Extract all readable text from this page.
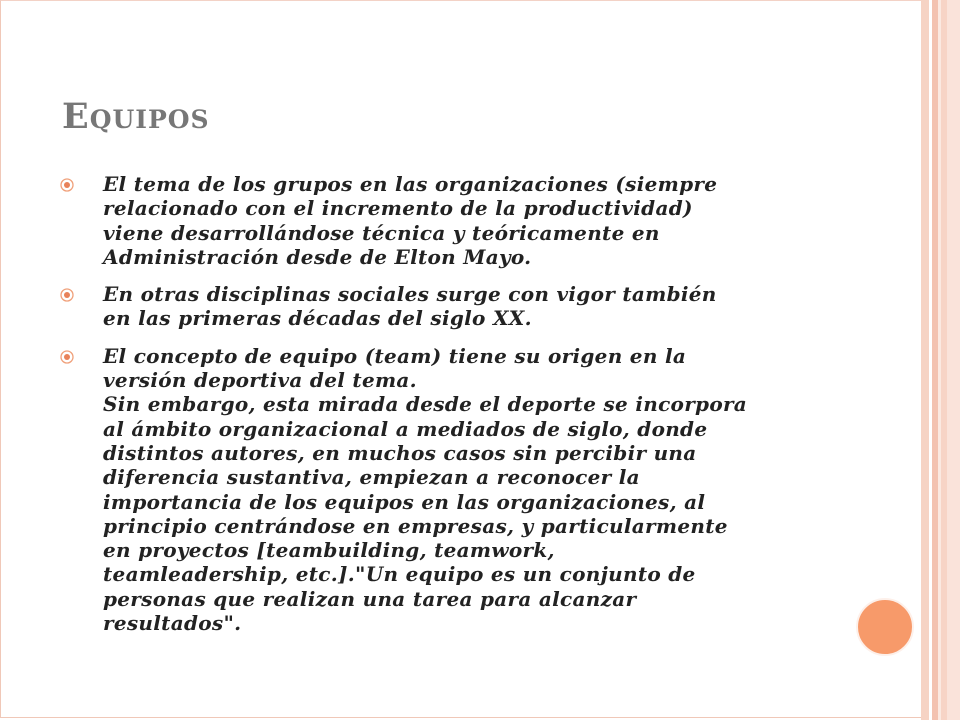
EQUIPOS
El tema de los grupos en las organizaciones (siempre
relacionado con el incremento de la productividad)
viene desarrollándose técnica y teóricamente en
Administración desde de Elton Mayo.
En otras disciplinas sociales surge con vigor también
en las primeras décadas del siglo XX.
El concepto de equipo (team) tiene su origen en la
versión deportiva del tema.
Sin embargo, esta mirada desde el deporte se incorpora
al ámbito organizacional a mediados de siglo, donde
distintos autores, en muchos casos sin percibir una
diferencia sustantiva, empiezan a reconocer la
importancia de los equipos en las organizaciones, al
principio centrándose en empresas, y particularmente
en proyectos [teambuilding, teamwork,
teamleadership, etc.]."Un equipo es un conjunto de
personas que realizan una tarea para alcanzar
resultados".
